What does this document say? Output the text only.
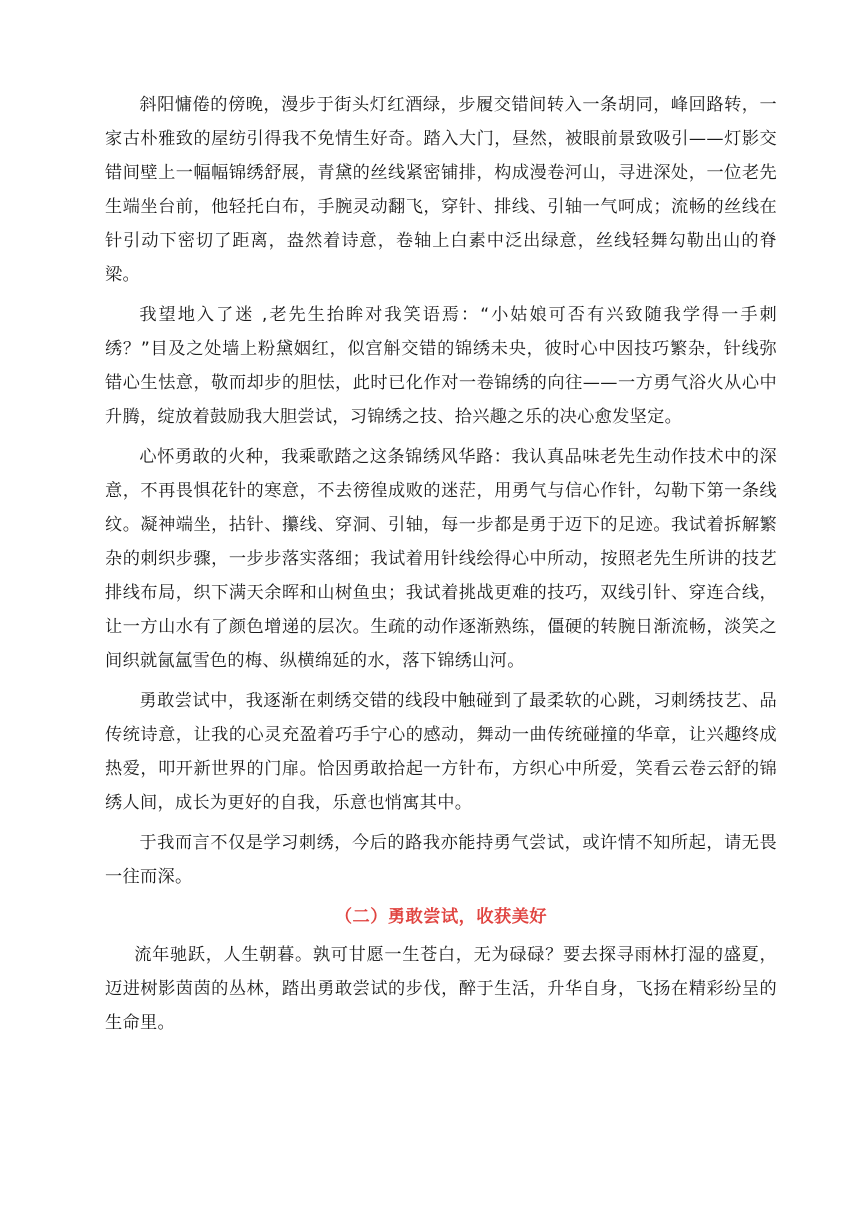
斜阳慵倦的傍晚，漫步于街头灯红酒绿，步履交错间转入一条胡同，峰回路转，一家古朴雅致的屋纺引得我不免情生好奇。踏入大门，昼然，被眼前景致吸引——灯影交错间壁上一幅幅锦绣舒展，青黛的丝线紧密铺排，构成漫卷河山，寻进深处，一位老先生端坐台前，他轻托白布，手腕灵动翻飞，穿针、排线、引轴一气呵成；流畅的丝线在针引动下密切了距离，盎然着诗意，卷轴上白素中泛出绿意，丝线轻舞勾勒出山的脊梁。

我望地入了迷 ,老先生抬眸对我笑语焉：“小姑娘可否有兴致随我学得一手刺绣？”目及之处墙上粉黛姻红，似宫斛交错的锦绣未央，彼时心中因技巧繁杂，针线弥错心生怯意，敬而却步的胆怯，此时已化作对一卷锦绣的向往——一方勇气浴火从心中升腾，绽放着鼓励我大胆尝试，习锦绣之技、拾兴趣之乐的决心愈发坚定。

心怀勇敢的火种，我乘歌踏之这条锦绣风华路：我认真品味老先生动作技术中的深意，不再畏惧花针的寒意，不去徬徨成败的迷茫，用勇气与信心作针，勾勒下第一条线纹。凝神端坐，拈针、攥线、穿洞、引轴，每一步都是勇于迈下的足迹。我试着拆解繁杂的刺织步骤，一步步落实落细；我试着用针线绘得心中所动，按照老先生所讲的技艺排线布局，织下满天余晖和山树鱼虫；我试着挑战更难的技巧，双线引针、穿连合线，让一方山水有了颜色增递的层次。生疏的动作逐渐熟练，僵硬的转腕日渐流畅，淡笑之间织就氤氲雪色的梅、纵横绵延的水，落下锦绣山河。

勇敢尝试中，我逐渐在刺绣交错的线段中触碰到了最柔软的心跳，习刺绣技艺、品传统诗意，让我的心灵充盈着巧手宁心的感动，舞动一曲传统碰撞的华章，让兴趣终成热爱，叩开新世界的门扉。恰因勇敢拾起一方针布，方织心中所爱，笑看云卷云舒的锦绣人间，成长为更好的自我，乐意也悄寓其中。

于我而言不仅是学习刺绣，今后的路我亦能持勇气尝试，或许情不知所起，请无畏一往而深。

（二）勇敢尝试，收获美好

流年驰跃，人生朝暮。孰可甘愿一生苍白，无为碌碌？要去探寻雨林打湿的盛夏，迈进树影茵茵的丛林，踏出勇敢尝试的步伐，醉于生活，升华自身，飞扬在精彩纷呈的生命里。
